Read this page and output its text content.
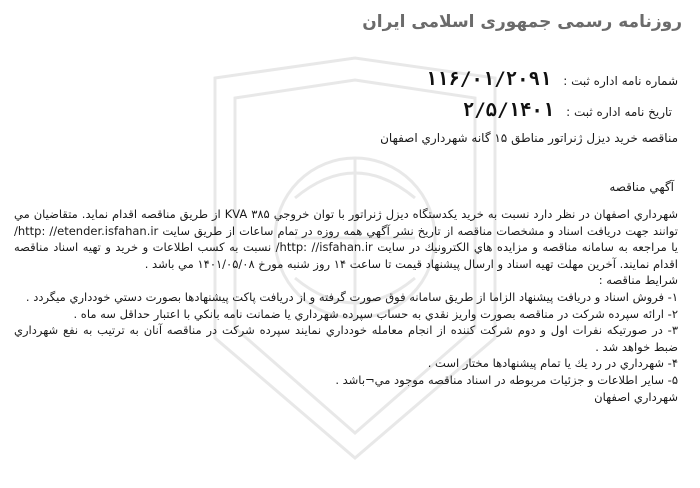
روزنامه رسمی جمهوری اسلامی ایران
شماره نامه اداره ثبت : ۱۱۶/۰۱/۲۰۹۱
تاریخ نامه اداره ثبت : ۲/۵/۱۴۰۱
مناقصه خريد ديزل ژنراتور مناطق ۱۵ گانه شهرداري اصفهان
آگهي مناقصه

شهرداري اصفهان در نظر دارد نسبت به خريد يكدستگاه ديزل ژنراتور با توان خروجي ۳۸۵ KVA از طريق مناقصه اقدام نمايد. متقاضيان مي توانند جهت دريافت اسناد و مشخصات مناقصه از تاريخ نشر آگهي همه روزه در تمام ساعات از طريق سايت http: //etender.isfahan.ir/ يا مراجعه به سامانه مناقصه و مزايده هاي الكترونيك در سايت http: //isfahan.ir/ نسبت به كسب اطلاعات و خريد و تهيه اسناد مناقصه اقدام نمايند. آخرين مهلت تهيه اسناد و ارسال پيشنهاد قيمت تا ساعت ۱۴ روز شنبه مورخ ۱۴۰۱/۰۵/۰۸ مي باشد .

شرايط مناقصه :

۱- فروش اسناد و دريافت پيشنهاد الزاما از طريق سامانه فوق صورت گرفته و از دريافت پاكت پيشنهادها بصورت دستي خودداري ميگردد .

۲- ارائه سپرده شركت در مناقصه بصورت واريز نقدي به حساب سپرده شهرداري يا ضمانت نامه بانكي با اعتبار حداقل سه ماه .

۳- در صورتيكه نفرات اول و دوم شركت كننده از انجام معامله خودداري نمايند سپرده شركت در مناقصه آنان به ترتيب به نفع شهرداري ضبط خواهد شد .

۴- شهرداري در رد يك يا تمام پيشنهادها مختار است .

۵- ساير اطلاعات و جزئيات مربوطه در اسناد مناقصه موجود مي¬باشد .

شهرداري اصفهان
